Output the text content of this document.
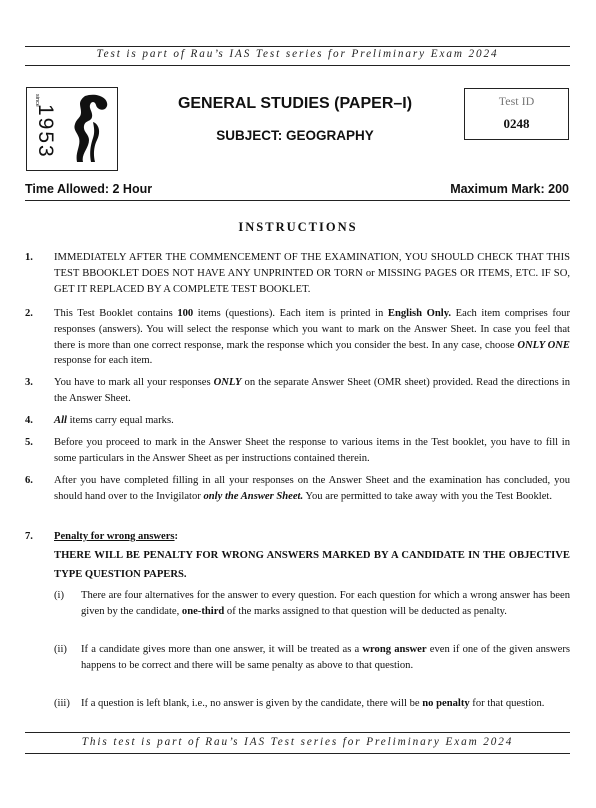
Test is part of Rau’s IAS Test series for Preliminary Exam 2024
since
1953
GENERAL STUDIES (PAPER–I)
SUBJECT: GEOGRAPHY
Test ID
0248
Time Allowed: 2 Hour	Maximum Mark: 200
INSTRUCTIONS
1. IMMEDIATELY AFTER THE COMMENCEMENT OF THE EXAMINATION, YOU SHOULD CHECK THAT THIS TEST BBOOKLET DOES NOT HAVE ANY UNPRINTED OR TORN or MISSING PAGES OR ITEMS, ETC. IF SO, GET IT REPLACED BY A COMPLETE TEST BOOKLET.
2. This Test Booklet contains 100 items (questions). Each item is printed in English Only. Each item comprises four responses (answers). You will select the response which you want to mark on the Answer Sheet. In case you feel that there is more than one correct response, mark the response which you consider the best. In any case, choose ONLY ONE response for each item.
3. You have to mark all your responses ONLY on the separate Answer Sheet (OMR sheet) provided. Read the directions in the Answer Sheet.
4. All items carry equal marks.
5. Before you proceed to mark in the Answer Sheet the response to various items in the Test booklet, you have to fill in some particulars in the Answer Sheet as per instructions contained therein.
6. After you have completed filling in all your responses on the Answer Sheet and the examination has concluded, you should hand over to the Invigilator only the Answer Sheet. You are permitted to take away with you the Test Booklet.
7. Penalty for wrong answers:
THERE WILL BE PENALTY FOR WRONG ANSWERS MARKED BY A CANDIDATE IN THE OBJECTIVE TYPE QUESTION PAPERS.
(i) There are four alternatives for the answer to every question. For each question for which a wrong answer has been given by the candidate, one-third of the marks assigned to that question will be deducted as penalty.
(ii) If a candidate gives more than one answer, it will be treated as a wrong answer even if one of the given answers happens to be correct and there will be same penalty as above to that question.
(iii) If a question is left blank, i.e., no answer is given by the candidate, there will be no penalty for that question.
This test is part of Rau’s IAS Test series for Preliminary Exam 2024
